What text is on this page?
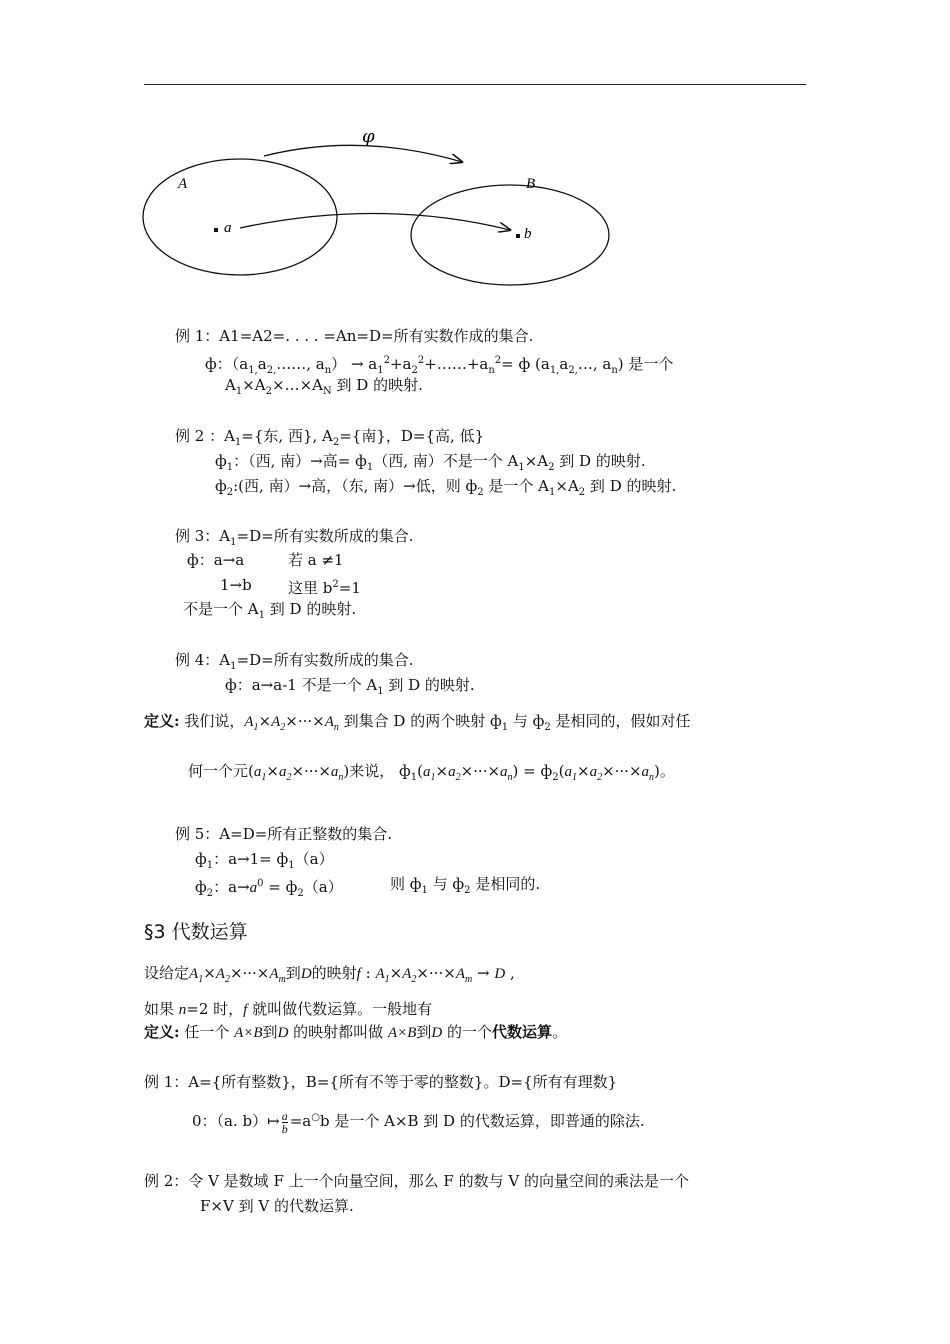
φ
A	B
a	b
例 1：A1=A2=. . . . =An=D=所有实数作成的集合.
ф：（$a_{1,}a_{2,}\dots\dots$, $a_n$） → $a_1^2+a_2^2+\dots\dots+a_n^2= ф$ ($a_{1,}a_{2,}\dots$, $a_n$) 是一个
$A_1\times A_2\times\dots\times A_N$ 到 D 的映射.
例 2 ：$A_1=${东, 西}, $A_2=${南}，D={高, 低}
$ф_1$：（西, 南）→高= $ф_1$（西, 南）不是一个 $A_1\times A_2$ 到 D 的映射.
$ф_2$:(西, 南）→高，（东, 南）→低，则 $ф_2$ 是一个 $A_1\times A_2$ 到 D 的映射.
例 3：$A_1=D=$所有实数所成的集合.
ф：a→a	若 a ≠1
1→b 这里 $b^2=1$
不是一个 $A_1$ 到 D 的映射.
例 4：$A_1=D=$所有实数所成的集合.
ф：a→a-1 不是一个 $A_1$ 到 D 的映射.
定义: 我们说，$A_1\times A_2\times\cdot\cdot\cdot\times A_n$ 到集合 D 的两个映射 $ф_1$ 与 $ф_2$ 是相同的，假如对任
何一个元$(a_1\times a_2\times\cdot\cdot\cdot\times a_n)$来说， $ф_1(a_1\times a_2\times\cdot\cdot\cdot\times a_n) = ф_2(a_1\times a_2\times\cdot\cdot\cdot\times a_n)$。
例 5：A=D=所有正整数的集合.
$ф_1$：$a\to 1= ф_1(a)$
$ф_2$：$a\to a^0 = ф_2(a)$	则 $ф_1$ 与 $ф_2$ 是相同的.
§3 代数运算
设给定$A_1\times A_2\times\cdot\cdot\cdot\times A_m$到D的映射f : $A_1\times A_2\times\cdot\cdot\cdot\times A_m \to D$ ,
如果 n=2 时，f 就叫做代数运算。一般地有
定义: 任一个 A×B到D 的映射都叫做 A×B到D 的一个代数运算。
例 1：A={所有整数}，B={所有不等于零的整数}。D={所有有理数}
0：（a. b）↦ $\frac{a}{b} =a^○b$ 是一个 A×B 到 D 的代数运算，即普通的除法.
例 2：令 V 是数域 F 上一个向量空间，那么 F 的数与 V 的向量空间的乘法是一个
F×V 到 V 的代数运算.
